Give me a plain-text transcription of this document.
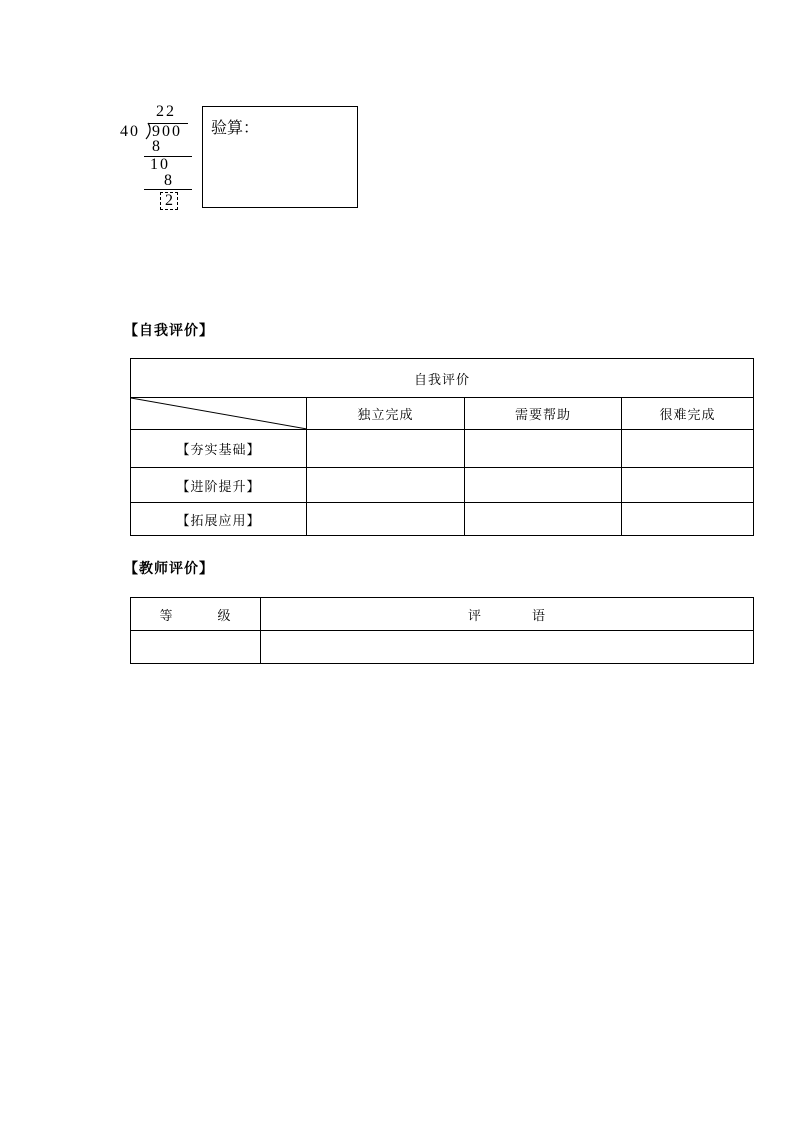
22
40 900
8
10
8
2
验算：
【自我评价】
自我评价			

	独立完成	需要帮助	很难完成
【夯实基础】			
【进阶提升】			
【拓展应用】			
【教师评价】
等 级	评 语
